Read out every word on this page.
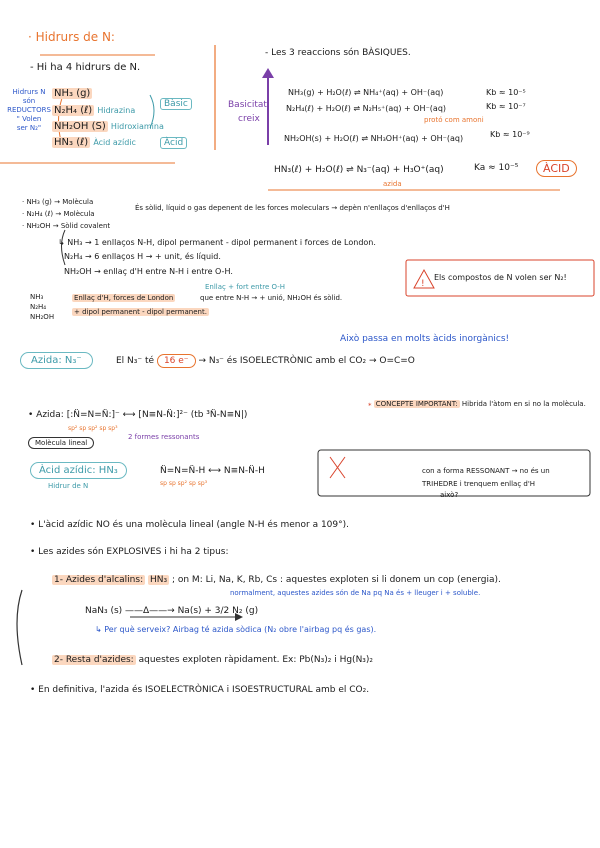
!
· Hidrurs de N:
- Hi ha 4 hidrurs de N.
Hidrurs N
són
REDUCTORS
" Volen
ser N₂"
NH₃ (g)
N₂H₄ (ℓ) Hidrazina
NH₂OH (S) Hidroxiamina
HN₃ (ℓ) Àcid azídic
Bàsic
Àcid
- Les 3 reaccions són BÀSIQUES.
Basicitat
creix
NH₃(g) + H₂O(ℓ) ⇌ NH₄⁺(aq) + OH⁻(aq)	Kb ≈ 10⁻⁵
N₂H₄(ℓ) + H₂O(ℓ) ⇌ N₂H₅⁺(aq) + OH⁻(aq)	Kb ≈ 10⁻⁷
protó com amoni
NH₂OH(s) + H₂O(ℓ) ⇌ NH₃OH⁺(aq) + OH⁻(aq)	Kb ≈ 10⁻⁹
HN₃(ℓ) + H₂O(ℓ) ⇌ N₃⁻(aq) + H₃O⁺(aq)	Ka ≈ 10⁻⁵
azida
ÀCID
· NH₃ (g) → Molècula
· N₂H₄ (ℓ) → Molècula
· NH₂OH → Sòlid covalent
És sòlid, líquid o gas depenent de les forces moleculars → depèn n'enllaços d'enllaços d'H
↳ NH₃ → 1 enllaços N-H, dipol permanent - dipol permanent i forces de London.
N₂H₄ → 6 enllaços H → + unit, és líquid.
NH₂OH → enllaç d'H entre N-H i entre O-H.
Enllaç + fort entre O-H
NH₃
N₂H₄
NH₂OH
Enllaç d'H, forces de London	que entre N-H → + unió, NH₂OH és sòlid.
+ dipol permanent - dipol permanent.
Els compostos de N volen ser N₂!
Això passa en molts àcids inorgànics!
Azida: N₃⁻	El N₃⁻ té 16 e⁻ → N₃⁻ és ISOELECTRÒNIC amb el CO₂ → O=C=O
• Azida: [:N̈=N=N̈:]⁻ ⟷ [N≡N-N̈:]²⁻ (tb ³N̈-N≡N|)
sp² sp sp² sp sp³
2 formes ressonants
Molècula lineal
⁎ CONCEPTE IMPORTANT: Hibrida l'àtom en si no la molècula.
Àcid azídic: HN₃
Hidrur de N
N̈=N=N̈-H ⟷ N≡N-N̈-H
sp sp sp² sp sp³
con a forma RESSONANT → no és un
TRIHEDRE i trenquem enllaç d'H
això?
• L'àcid azídic NO és una molècula lineal (angle N-H és menor a 109°).
• Les azides són EXPLOSIVES i hi ha 2 tipus:
1- Azides d'alcalins: HN₃ ; on M: Li, Na, K, Rb, Cs : aquestes exploten si li donem un cop (energia).
normalment, aquestes azides són de Na pq Na és + lleuger i + soluble.
NaN₃ (s) ——Δ——→ Na(s) + 3/2 N₂ (g)
↳ Per què serveix? Airbag té azida sòdica (N₂ obre l'airbag pq és gas).
2- Resta d'azides: aquestes exploten ràpidament. Ex: Pb(N₃)₂ i Hg(N₃)₂
• En definitiva, l'azida és ISOELECTRÒNICA i ISOESTRUCTURAL amb el CO₂.
